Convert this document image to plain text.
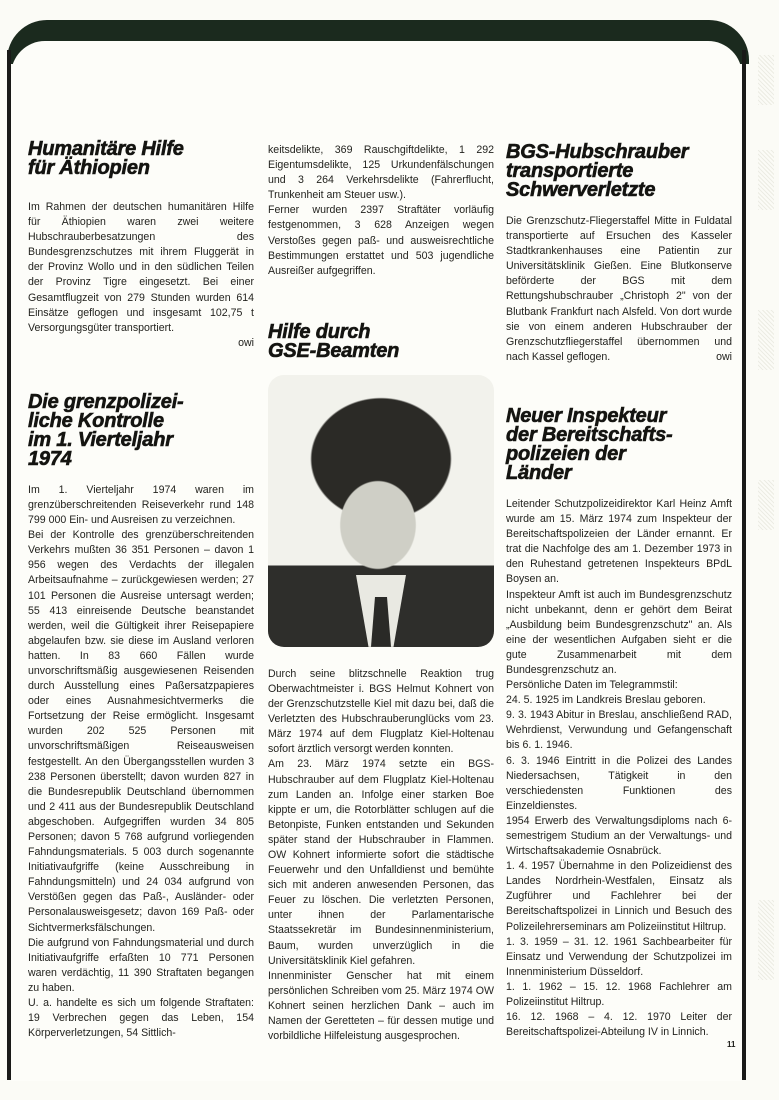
Humanitäre Hilfe
für Äthiopien

Im Rahmen der deutschen humanitären Hilfe für Äthiopien waren zwei weitere Hubschrauberbesatzungen des Bundesgrenzschutzes mit ihrem Fluggerät in der Provinz Wollo und in den südlichen Teilen der Provinz Tigre eingesetzt. Bei einer Gesamtflugzeit von 279 Stunden wurden 614 Einsätze geflogen und insgesamt 102,75 t Versorgungsgüter transportiert.

owi
Die grenzpolizei-
liche Kontrolle
im 1. Vierteljahr
1974

Im 1. Vierteljahr 1974 waren im grenzüberschreitenden Reiseverkehr rund 148 799 000 Ein- und Ausreisen zu verzeichnen.

Bei der Kontrolle des grenzüberschreitenden Verkehrs mußten 36 351 Personen – davon 1 956 wegen des Verdachts der illegalen Arbeitsaufnahme – zurückgewiesen werden; 27 101 Personen die Ausreise untersagt werden; 55 413 einreisende Deutsche beanstandet werden, weil die Gültigkeit ihrer Reisepapiere abgelaufen bzw. sie diese im Ausland verloren hatten. In 83 660 Fällen wurde unvorschriftsmäßig ausgewiesenen Reisenden durch Ausstellung eines Paßersatzpapieres oder eines Ausnahmesichtvermerks die Fortsetzung der Reise ermöglicht. Insgesamt wurden 202 525 Personen mit unvorschriftsmäßigen Reiseausweisen festgestellt. An den Übergangsstellen wurden 3 238 Personen überstellt; davon wurden 827 in die Bundesrepublik Deutschland übernommen und 2 411 aus der Bundesrepublik Deutschland abgeschoben. Aufgegriffen wurden 34 805 Personen; davon 5 768 aufgrund vorliegenden Fahndungsmaterials. 5 003 durch sogenannte Initiativaufgriffe (keine Ausschreibung in Fahndungsmitteln) und 24 034 aufgrund von Verstößen gegen das Paß-, Ausländer- oder Personalausweisgesetz; davon 169 Paß- oder Sichtvermerksfälschungen.

Die aufgrund von Fahndungsmaterial und durch Initiativaufgriffe erfaßten 10 771 Personen waren verdächtig, 11 390 Straftaten begangen zu haben.

U. a. handelte es sich um folgende Straftaten: 19 Verbrechen gegen das Leben, 154 Körperverletzungen, 54 Sittlich-

keitsdelikte, 369 Rauschgiftdelikte, 1 292 Eigentumsdelikte, 125 Urkundenfälschungen und 3 264 Verkehrsdelikte (Fahrerflucht, Trunkenheit am Steuer usw.).

Ferner wurden 2397 Straftäter vorläufig festgenommen, 3 628 Anzeigen wegen Verstoßes gegen paß- und ausweisrechtliche Bestimmungen erstattet und 503 jugendliche Ausreißer aufgegriffen.

Hilfe durch
GSE-Beamten

Durch seine blitzschnelle Reaktion trug Oberwachtmeister i. BGS Helmut Kohnert von der Grenzschutzstelle Kiel mit dazu bei, daß die Verletzten des Hubschrauberunglücks vom 23. März 1974 auf dem Flugplatz Kiel-Holtenau sofort ärztlich versorgt werden konnten.

Am 23. März 1974 setzte ein BGS-Hubschrauber auf dem Flugplatz Kiel-Holtenau zum Landen an. Infolge einer starken Boe kippte er um, die Rotorblätter schlugen auf die Betonpiste, Funken entstanden und Sekunden später stand der Hubschrauber in Flammen. OW Kohnert informierte sofort die städtische Feuerwehr und den Unfalldienst und bemühte sich mit anderen anwesenden Personen, das Feuer zu löschen. Die verletzten Personen, unter ihnen der Parlamentarische Staatssekretär im Bundesinnenministerium, Baum, wurden unverzüglich in die Universitätsklinik Kiel gefahren.

Innenminister Genscher hat mit einem persönlichen Schreiben vom 25. März 1974 OW Kohnert seinen herzlichen Dank – auch im Namen der Geretteten – für dessen mutige und vorbildliche Hilfeleistung ausgesprochen.

BGS-Hubschrauber
transportierte
Schwerverletzte

Die Grenzschutz-Fliegerstaffel Mitte in Fuldatal transportierte auf Ersuchen des Kasseler Stadtkrankenhauses eine Patientin zur Universitätsklinik Gießen. Eine Blutkonserve beförderte der BGS mit dem Rettungshubschrauber „Christoph 2" von der Blutbank Frankfurt nach Alsfeld. Von dort wurde sie von einem anderen Hubschrauber der Grenzschutzfliegerstaffel übernommen und nach Kassel geflogen.	owi
Neuer Inspekteur
der Bereitschafts-
polizeien der
Länder

Leitender Schutzpolizeidirektor Karl Heinz Amft wurde am 15. März 1974 zum Inspekteur der Bereitschaftspolizeien der Länder ernannt. Er trat die Nachfolge des am 1. Dezember 1973 in den Ruhestand getretenen Inspekteurs BPdL Boysen an.

Inspekteur Amft ist auch im Bundesgrenzschutz nicht unbekannt, denn er gehört dem Beirat „Ausbildung beim Bundesgrenzschutz" an. Als eine der wesentlichen Aufgaben sieht er die gute Zusammenarbeit mit dem Bundesgrenzschutz an.

Persönliche Daten im Telegrammstil:

24. 5. 1925 im Landkreis Breslau geboren.

9. 3. 1943 Abitur in Breslau, anschließend RAD, Wehrdienst, Verwundung und Gefangenschaft bis 6. 1. 1946.

6. 3. 1946 Eintritt in die Polizei des Landes Niedersachsen, Tätigkeit in den verschiedensten Funktionen des Einzeldienstes.

1954 Erwerb des Verwaltungsdiploms nach 6-semestrigem Studium an der Verwaltungs- und Wirtschaftsakademie Osnabrück.

1. 4. 1957 Übernahme in den Polizeidienst des Landes Nordrhein-Westfalen, Einsatz als Zugführer und Fachlehrer bei der Bereitschaftspolizei in Linnich und Besuch des Polizeilehrerseminars am Polizeiinstitut Hiltrup.

1. 3. 1959 – 31. 12. 1961 Sachbearbeiter für Einsatz und Verwendung der Schutzpolizei im Innenministerium Düsseldorf.

1. 1. 1962 – 15. 12. 1968 Fachlehrer am Polizeiinstitut Hiltrup.

16. 12. 1968 – 4. 12. 1970 Leiter der Bereitschaftspolizei-Abteilung IV in Linnich.

11
